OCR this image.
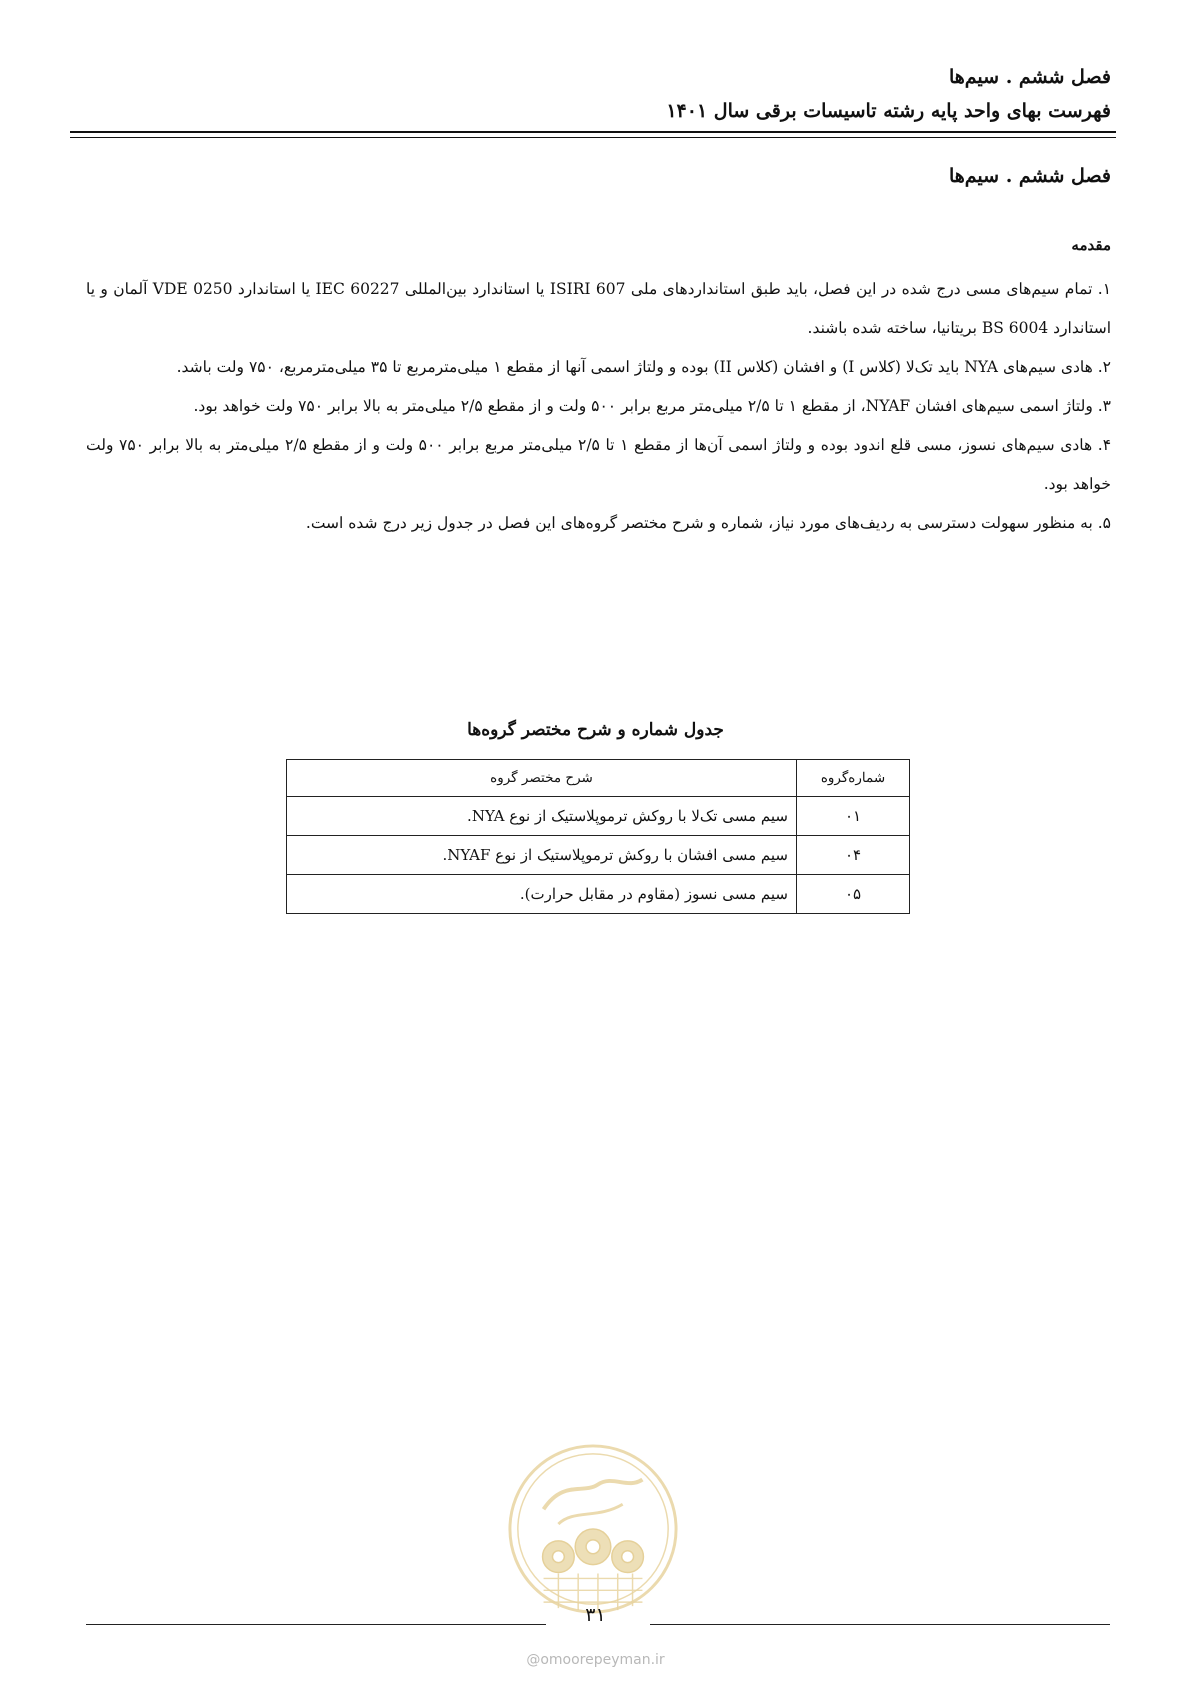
فصل ششم . سیم‌ها
فهرست بهای واحد پایه رشته تاسیسات برقی سال ۱۴۰۱
فصل ششم . سیم‌ها
مقدمه

۱. تمام سیم‌های مسی درج شده در این فصل، باید طبق استانداردهای ملی ISIRI 607 یا استاندارد بین‌المللی IEC 60227 یا استاندارد VDE 0250 آلمان و یا استاندارد BS 6004 بریتانیا، ساخته شده باشند.

۲. هادی سیم‌های NYA باید تک‌لا (کلاس I) و افشان (کلاس II) بوده و ولتاژ اسمی آنها از مقطع ۱ میلی‌مترمربع تا ۳۵ میلی‌مترمربع، ۷۵۰ ولت باشد.

۳. ولتاژ اسمی سیم‌های افشان NYAF، از مقطع ۱ تا ۲/۵ میلی‌متر مربع برابر ۵۰۰ ولت و از مقطع ۲/۵ میلی‌متر به بالا برابر ۷۵۰ ولت خواهد بود.

۴. هادی سیم‌های نسوز، مسی قلع اندود بوده و ولتاژ اسمی آن‌ها از مقطع ۱ تا ۲/۵ میلی‌متر مربع برابر ۵۰۰ ولت و از مقطع ۲/۵ میلی‌متر به بالا برابر ۷۵۰ ولت خواهد بود.

۵. به منظور سهولت دسترسی به ردیف‌های مورد نیاز، شماره و شرح مختصر گروه‌های این فصل در جدول زیر درج شده است.

جدول شماره و شرح مختصر گروه‌ها
شماره‌گروه	شرح مختصر گروه
۰۱	سیم مسی تک‌لا با روکش ترموپلاستیک از نوع NYA.
۰۴	سیم مسی افشان با روکش ترموپلاستیک از نوع NYAF.
۰۵	سیم مسی نسوز (مقاوم در مقابل حرارت).
۳۱
@omoorepeyman.ir
